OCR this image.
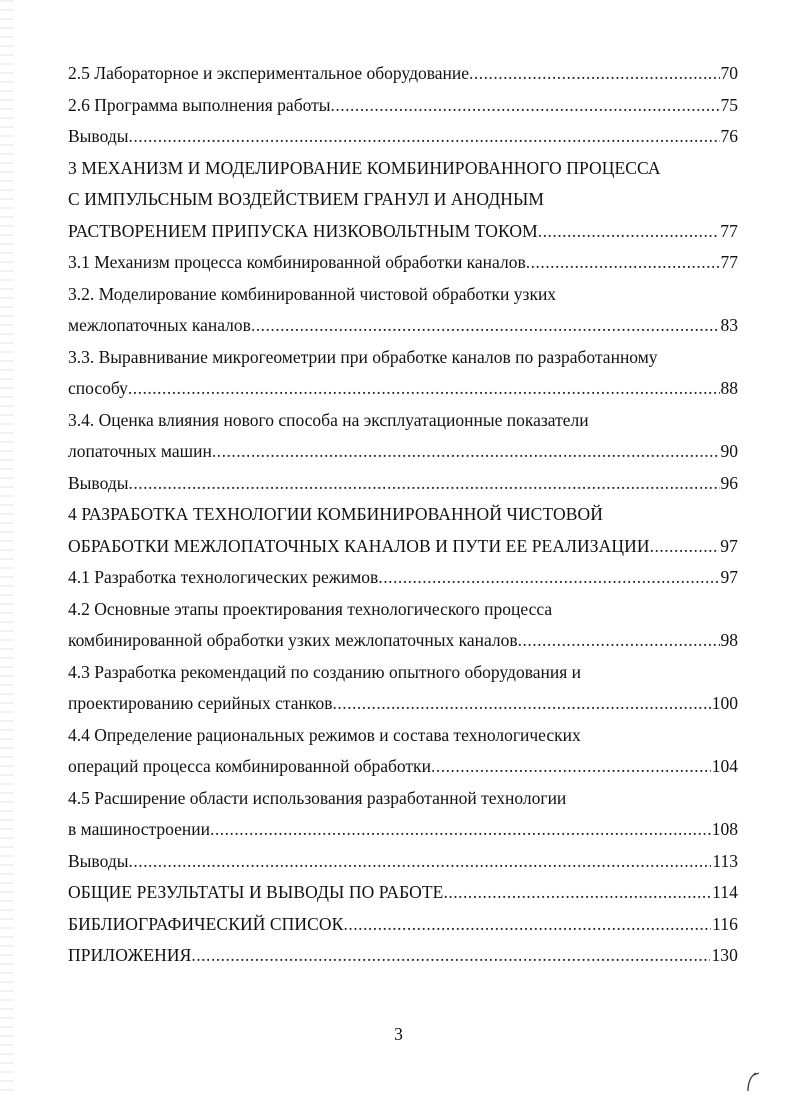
2.5 Лабораторное и экспериментальное оборудование .....	70
2.6 Программа выполнения работы .....	75
Выводы .....	76
3 МЕХАНИЗМ И МОДЕЛИРОВАНИЕ КОМБИНИРОВАННОГО ПРОЦЕССА
С ИМПУЛЬСНЫМ ВОЗДЕЙСТВИЕМ ГРАНУЛ И АНОДНЫМ
РАСТВОРЕНИЕМ ПРИПУСКА НИЗКОВОЛЬТНЫМ ТОКОМ .....	77
3.1 Механизм процесса комбинированной обработки каналов .....	77
3.2. Моделирование комбинированной чистовой обработки узких
межлопаточных каналов .....	83
3.3. Выравнивание микрогеометрии при обработке каналов по разработанному
способу .....	88
3.4. Оценка влияния нового способа на эксплуатационные показатели
лопаточных машин .....	90
Выводы .....	96
4 РАЗРАБОТКА ТЕХНОЛОГИИ КОМБИНИРОВАННОЙ ЧИСТОВОЙ
ОБРАБОТКИ МЕЖЛОПАТОЧНЫХ КАНАЛОВ И ПУТИ ЕЕ РЕАЛИЗАЦИИ .....	97
4.1 Разработка технологических режимов .....	97
4.2 Основные этапы проектирования технологического процесса
комбинированной обработки узких межлопаточных каналов .....	98
4.3 Разработка рекомендаций по созданию опытного оборудования и
проектированию серийных станков .....	100
4.4 Определение рациональных режимов и состава технологических
операций процесса комбинированной обработки .....	104
4.5 Расширение области использования разработанной технологии
в машиностроении .....	108
Выводы .....	113
ОБЩИЕ РЕЗУЛЬТАТЫ И ВЫВОДЫ ПО РАБОТЕ .....	114
БИБЛИОГРАФИЧЕСКИЙ СПИСОК .....	116
ПРИЛОЖЕНИЯ .....	130
3
